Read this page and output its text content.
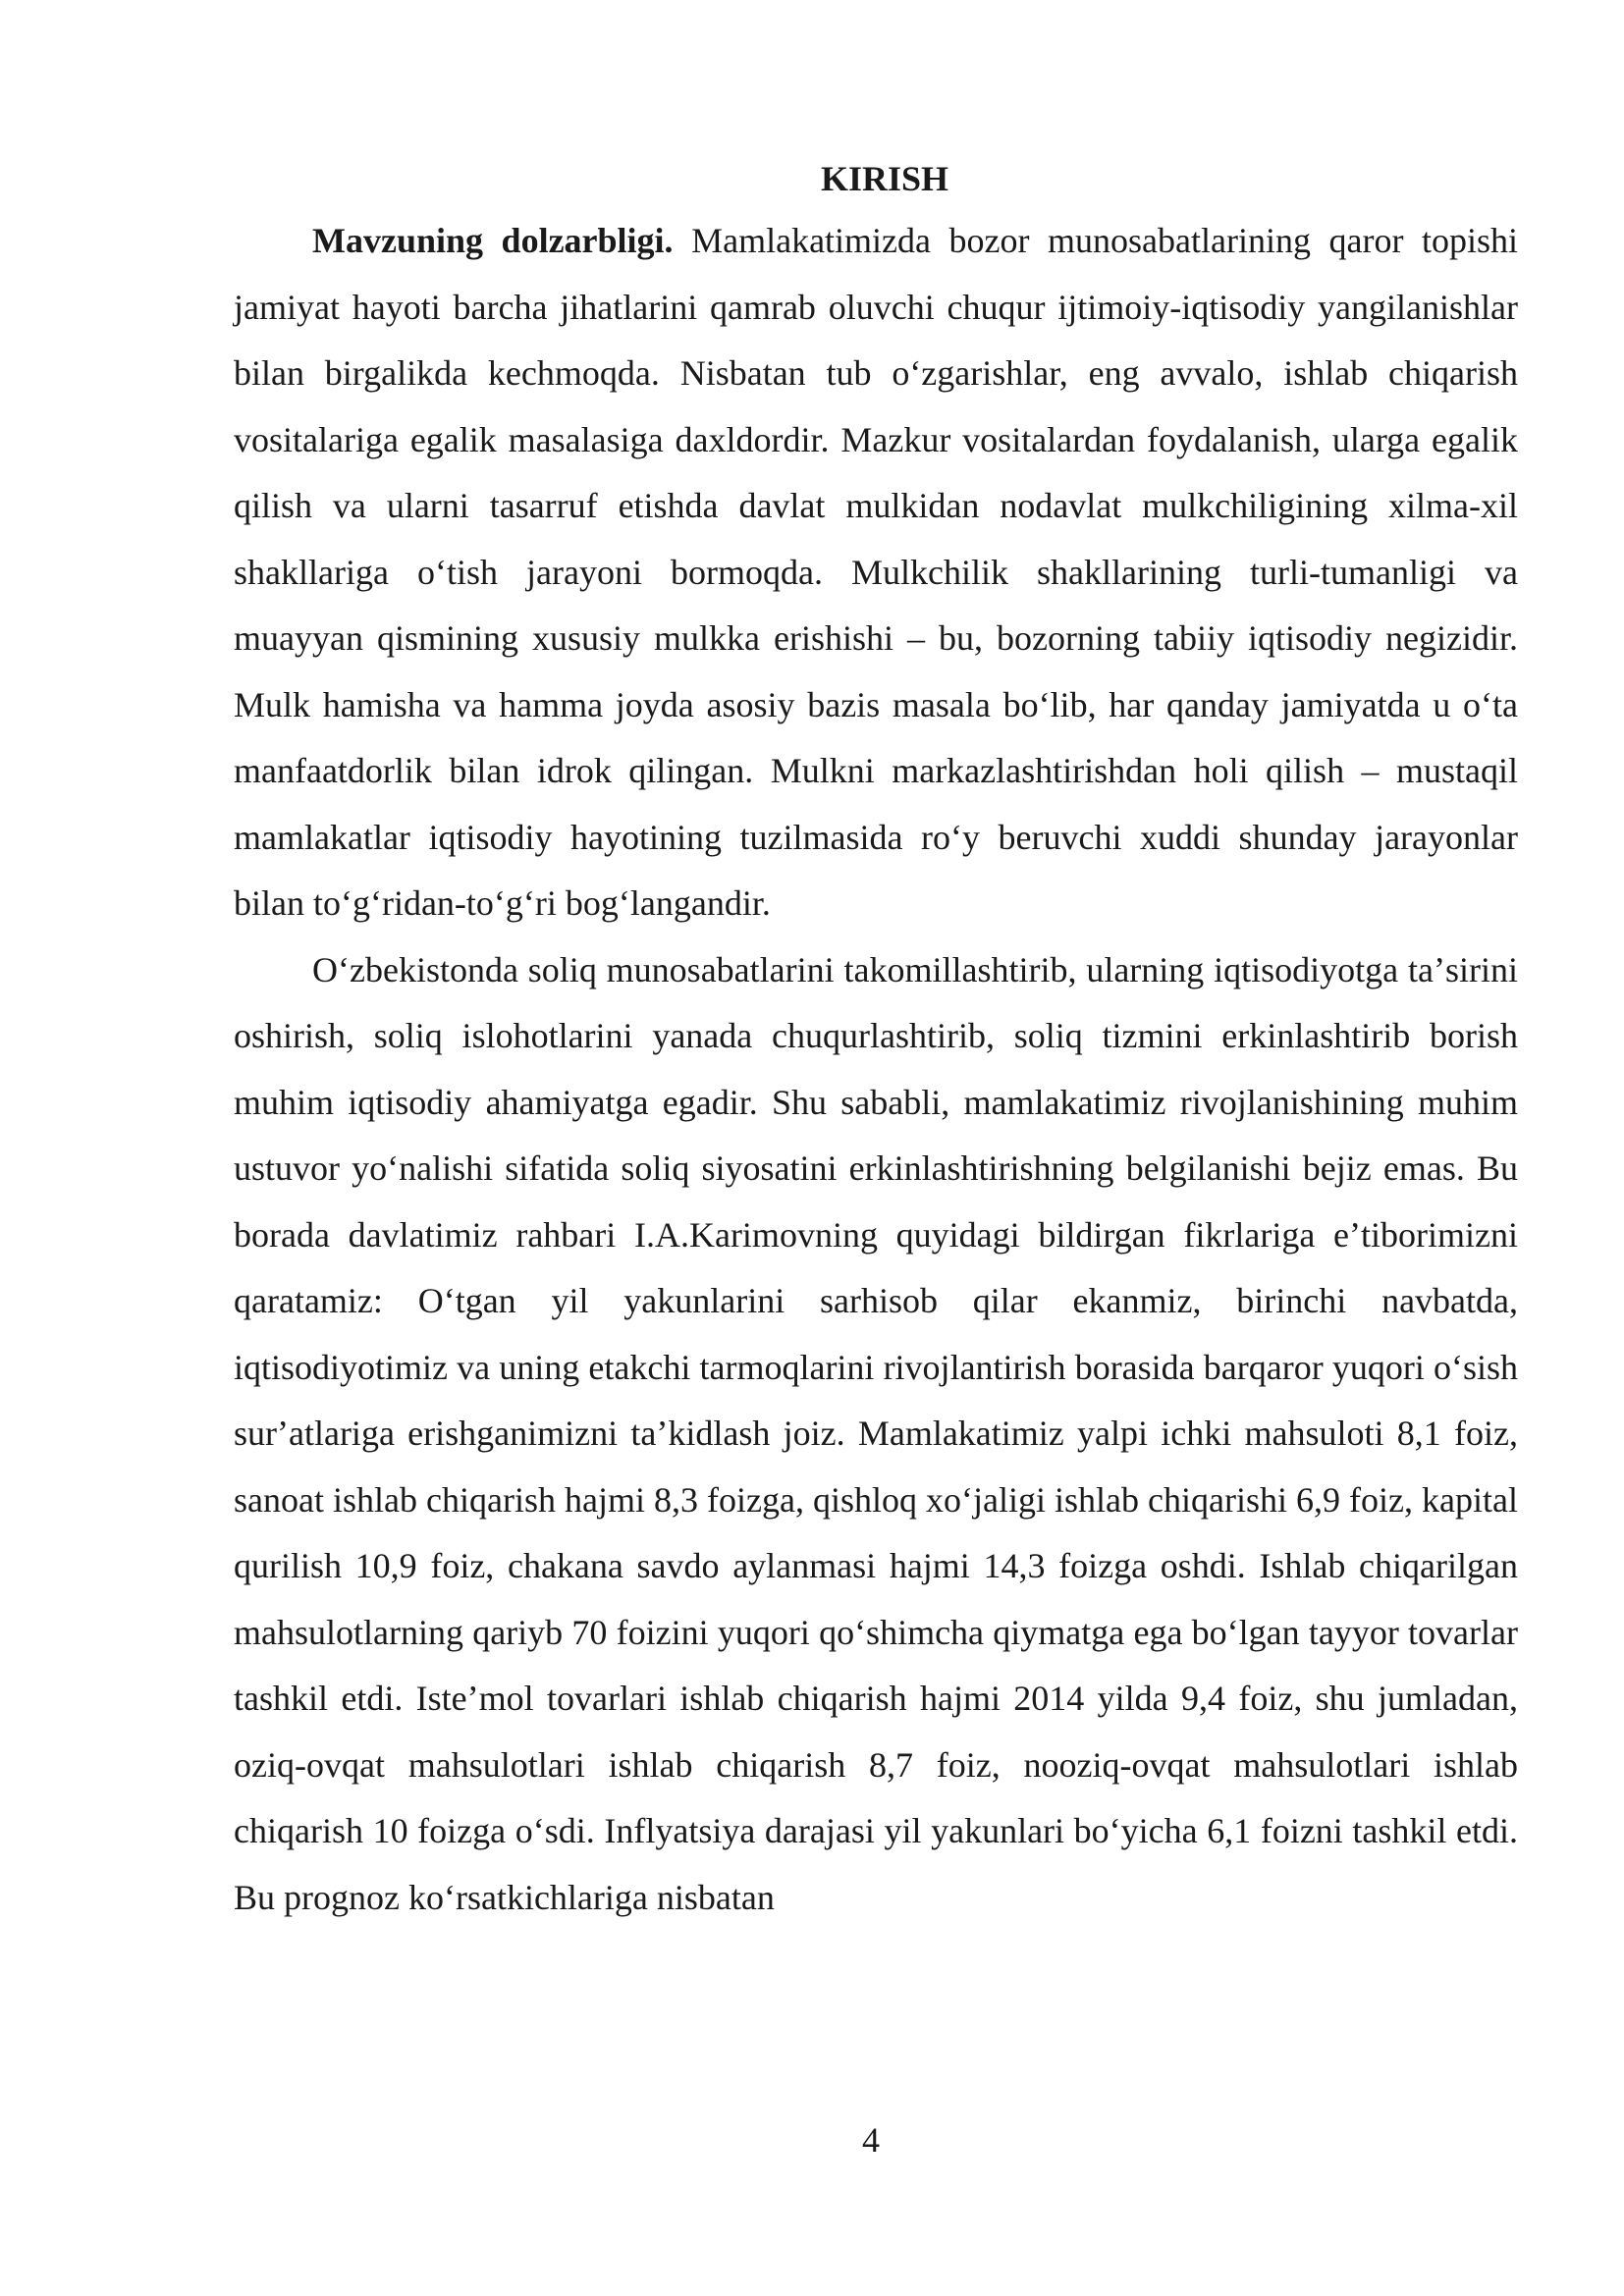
KIRISH

Mavzuning dolzarbligi. Mamlakatimizda bozor munosabatlarining qaror topishi jamiyat hayoti barcha jihatlarini qamrab oluvchi chuqur ijtimoiy-iqtisodiy yangilanishlar bilan birgalikda kechmoqda. Nisbatan tub oʻzgarishlar, eng avvalo, ishlab chiqarish vositalariga egalik masalasiga daxldordir. Mazkur vositalardan foydalanish, ularga egalik qilish va ularni tasarruf etishda davlat mulkidan nodavlat mulkchiligining xilma-xil shakllariga oʻtish jarayoni bormoqda. Mulkchilik shakllarining turli-tumanligi va muayyan qismining xususiy mulkka erishishi – bu, bozorning tabiiy iqtisodiy negizidir. Mulk hamisha va hamma joyda asosiy bazis masala boʻlib, har qanday jamiyatda u oʻta manfaatdorlik bilan idrok qilingan. Mulkni markazlashtirishdan holi qilish – mustaqil mamlakatlar iqtisodiy hayotining tuzilmasida roʻy beruvchi xuddi shunday jarayonlar bilan toʻgʻridan-toʻgʻri bogʻlangandir.

Oʻzbekistonda soliq munosabatlarini takomillashtirib, ularning iqtisodiyotga taʼsirini oshirish, soliq islohotlarini yanada chuqurlashtirib, soliq tizmini erkinlashtirib borish muhim iqtisodiy ahamiyatga egadir. Shu sababli, mamlakatimiz rivojlanishining muhim ustuvor yoʻnalishi sifatida soliq siyosatini erkinlashtirishning belgilanishi bejiz emas. Bu borada davlatimiz rahbari I.A.Karimovning quyidagi bildirgan fikrlariga eʼtiborimizni qaratamiz: Oʻtgan yil yakunlarini sarhisob qilar ekanmiz, birinchi navbatda, iqtisodiyotimiz va uning etakchi tarmoqlarini rivojlantirish borasida barqaror yuqori oʻsish surʼatlariga erishganimizni taʼkidlash joiz. Mamlakatimiz yalpi ichki mahsuloti 8,1 foiz, sanoat ishlab chiqarish hajmi 8,3 foizga, qishloq xoʻjaligi ishlab chiqarishi 6,9 foiz, kapital qurilish 10,9 foiz, chakana savdo aylanmasi hajmi 14,3 foizga oshdi. Ishlab chiqarilgan mahsulotlarning qariyb 70 foizini yuqori qoʻshimcha qiymatga ega boʻlgan tayyor tovarlar tashkil etdi. Isteʼmol tovarlari ishlab chiqarish hajmi 2014 yilda 9,4 foiz, shu jumladan, oziq-ovqat mahsulotlari ishlab chiqarish 8,7 foiz, nooziq-ovqat mahsulotlari ishlab chiqarish 10 foizga oʻsdi. Inflyatsiya darajasi yil yakunlari boʻyicha 6,1 foizni tashkil etdi. Bu prognoz koʻrsatkichlariga nisbatan

4
